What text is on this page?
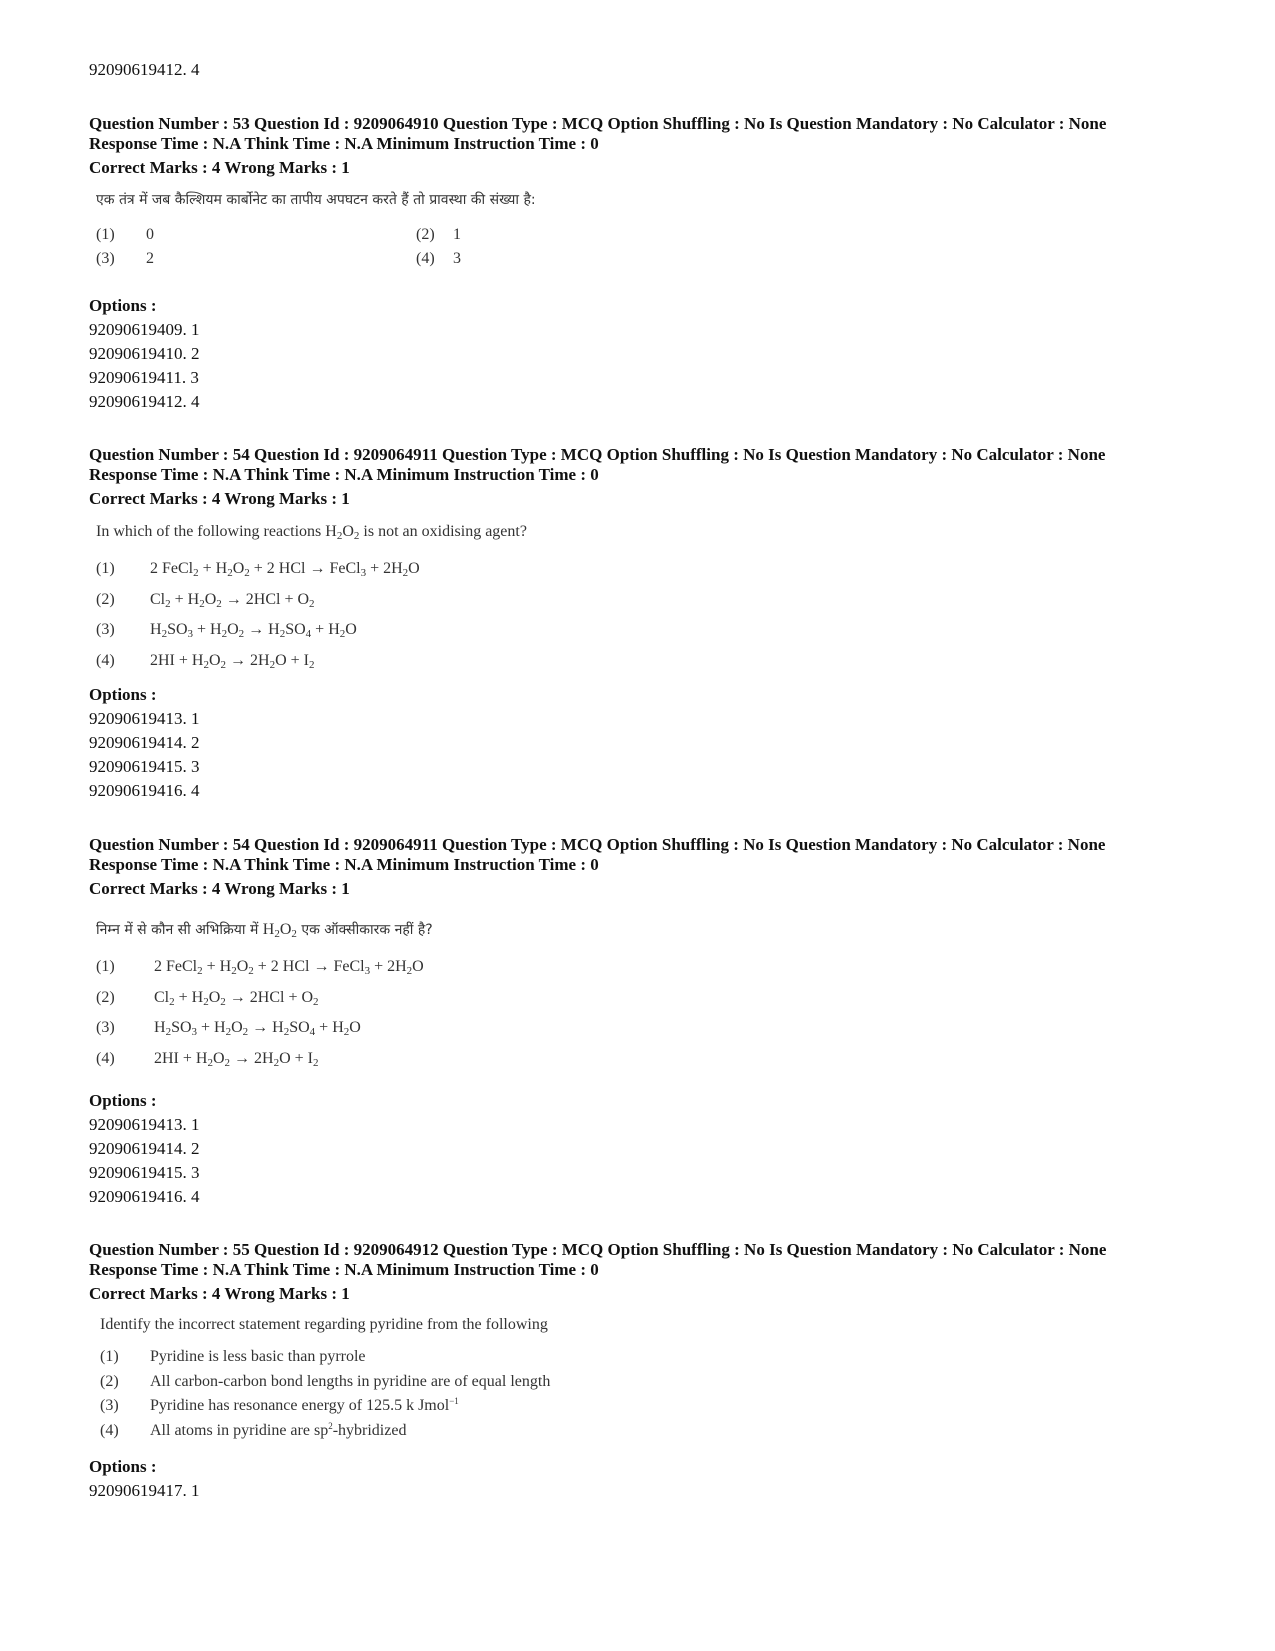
92090619412. 4
Question Number : 53 Question Id : 9209064910 Question Type : MCQ Option Shuffling : No Is Question Mandatory : No Calculator : None
Response Time : N.A Think Time : N.A Minimum Instruction Time : 0
Correct Marks : 4 Wrong Marks : 1
एक तंत्र में जब कैल्शियम कार्बोनेट का तापीय अपघटन करते हैं तो प्रावस्था की संख्या है:
(1) 0	(2) 1
(3) 2	(4) 3
Options :
92090619409. 1
92090619410. 2
92090619411. 3
92090619412. 4
Question Number : 54 Question Id : 9209064911 Question Type : MCQ Option Shuffling : No Is Question Mandatory : No Calculator : None
Response Time : N.A Think Time : N.A Minimum Instruction Time : 0
Correct Marks : 4 Wrong Marks : 1
In which of the following reactions $H_2O_2$ is not an oxidising agent?
(1) 2 FeCl$_2$ + $H_2O_2 + 2$ HCl → FeCl$_3$ + $2H_2O$
(2) $Cl_2 + H_2O_2 \to 2HCl + O_2$
(3) $H_2SO_3 + H_2O_2 \to H_2SO_4 + H_2O$
(4) $2HI + H_2O_2 \to 2H_2O + I_2$
Options :
92090619413. 1
92090619414. 2
92090619415. 3
92090619416. 4
Question Number : 54 Question Id : 9209064911 Question Type : MCQ Option Shuffling : No Is Question Mandatory : No Calculator : None
Response Time : N.A Think Time : N.A Minimum Instruction Time : 0
Correct Marks : 4 Wrong Marks : 1
निम्न में से कौन सी अभिक्रिया में $H_2O_2$ एक ऑक्सीकारक नहीं है?
(1) 2 FeCl$_2$ + $H_2O_2 + 2$ HCl → FeCl$_3$ + $2H_2O$
(2) $Cl_2 + H_2O_2 \to 2HCl + O_2$
(3) $H_2SO_3 + H_2O_2 \to H_2SO_4 + H_2O$
(4) $2HI + H_2O_2 \to 2H_2O + I_2$
Options :
92090619413. 1
92090619414. 2
92090619415. 3
92090619416. 4
Question Number : 55 Question Id : 9209064912 Question Type : MCQ Option Shuffling : No Is Question Mandatory : No Calculator : None
Response Time : N.A Think Time : N.A Minimum Instruction Time : 0
Correct Marks : 4 Wrong Marks : 1
Identify the incorrect statement regarding pyridine from the following
(1) Pyridine is less basic than pyrrole
(2) All carbon-carbon bond lengths in pyridine are of equal length
(3) Pyridine has resonance energy of 125.5 k Jmol$^{-1}$
(4) All atoms in pyridine are $sp^2$-hybridized
Options :
92090619417. 1
